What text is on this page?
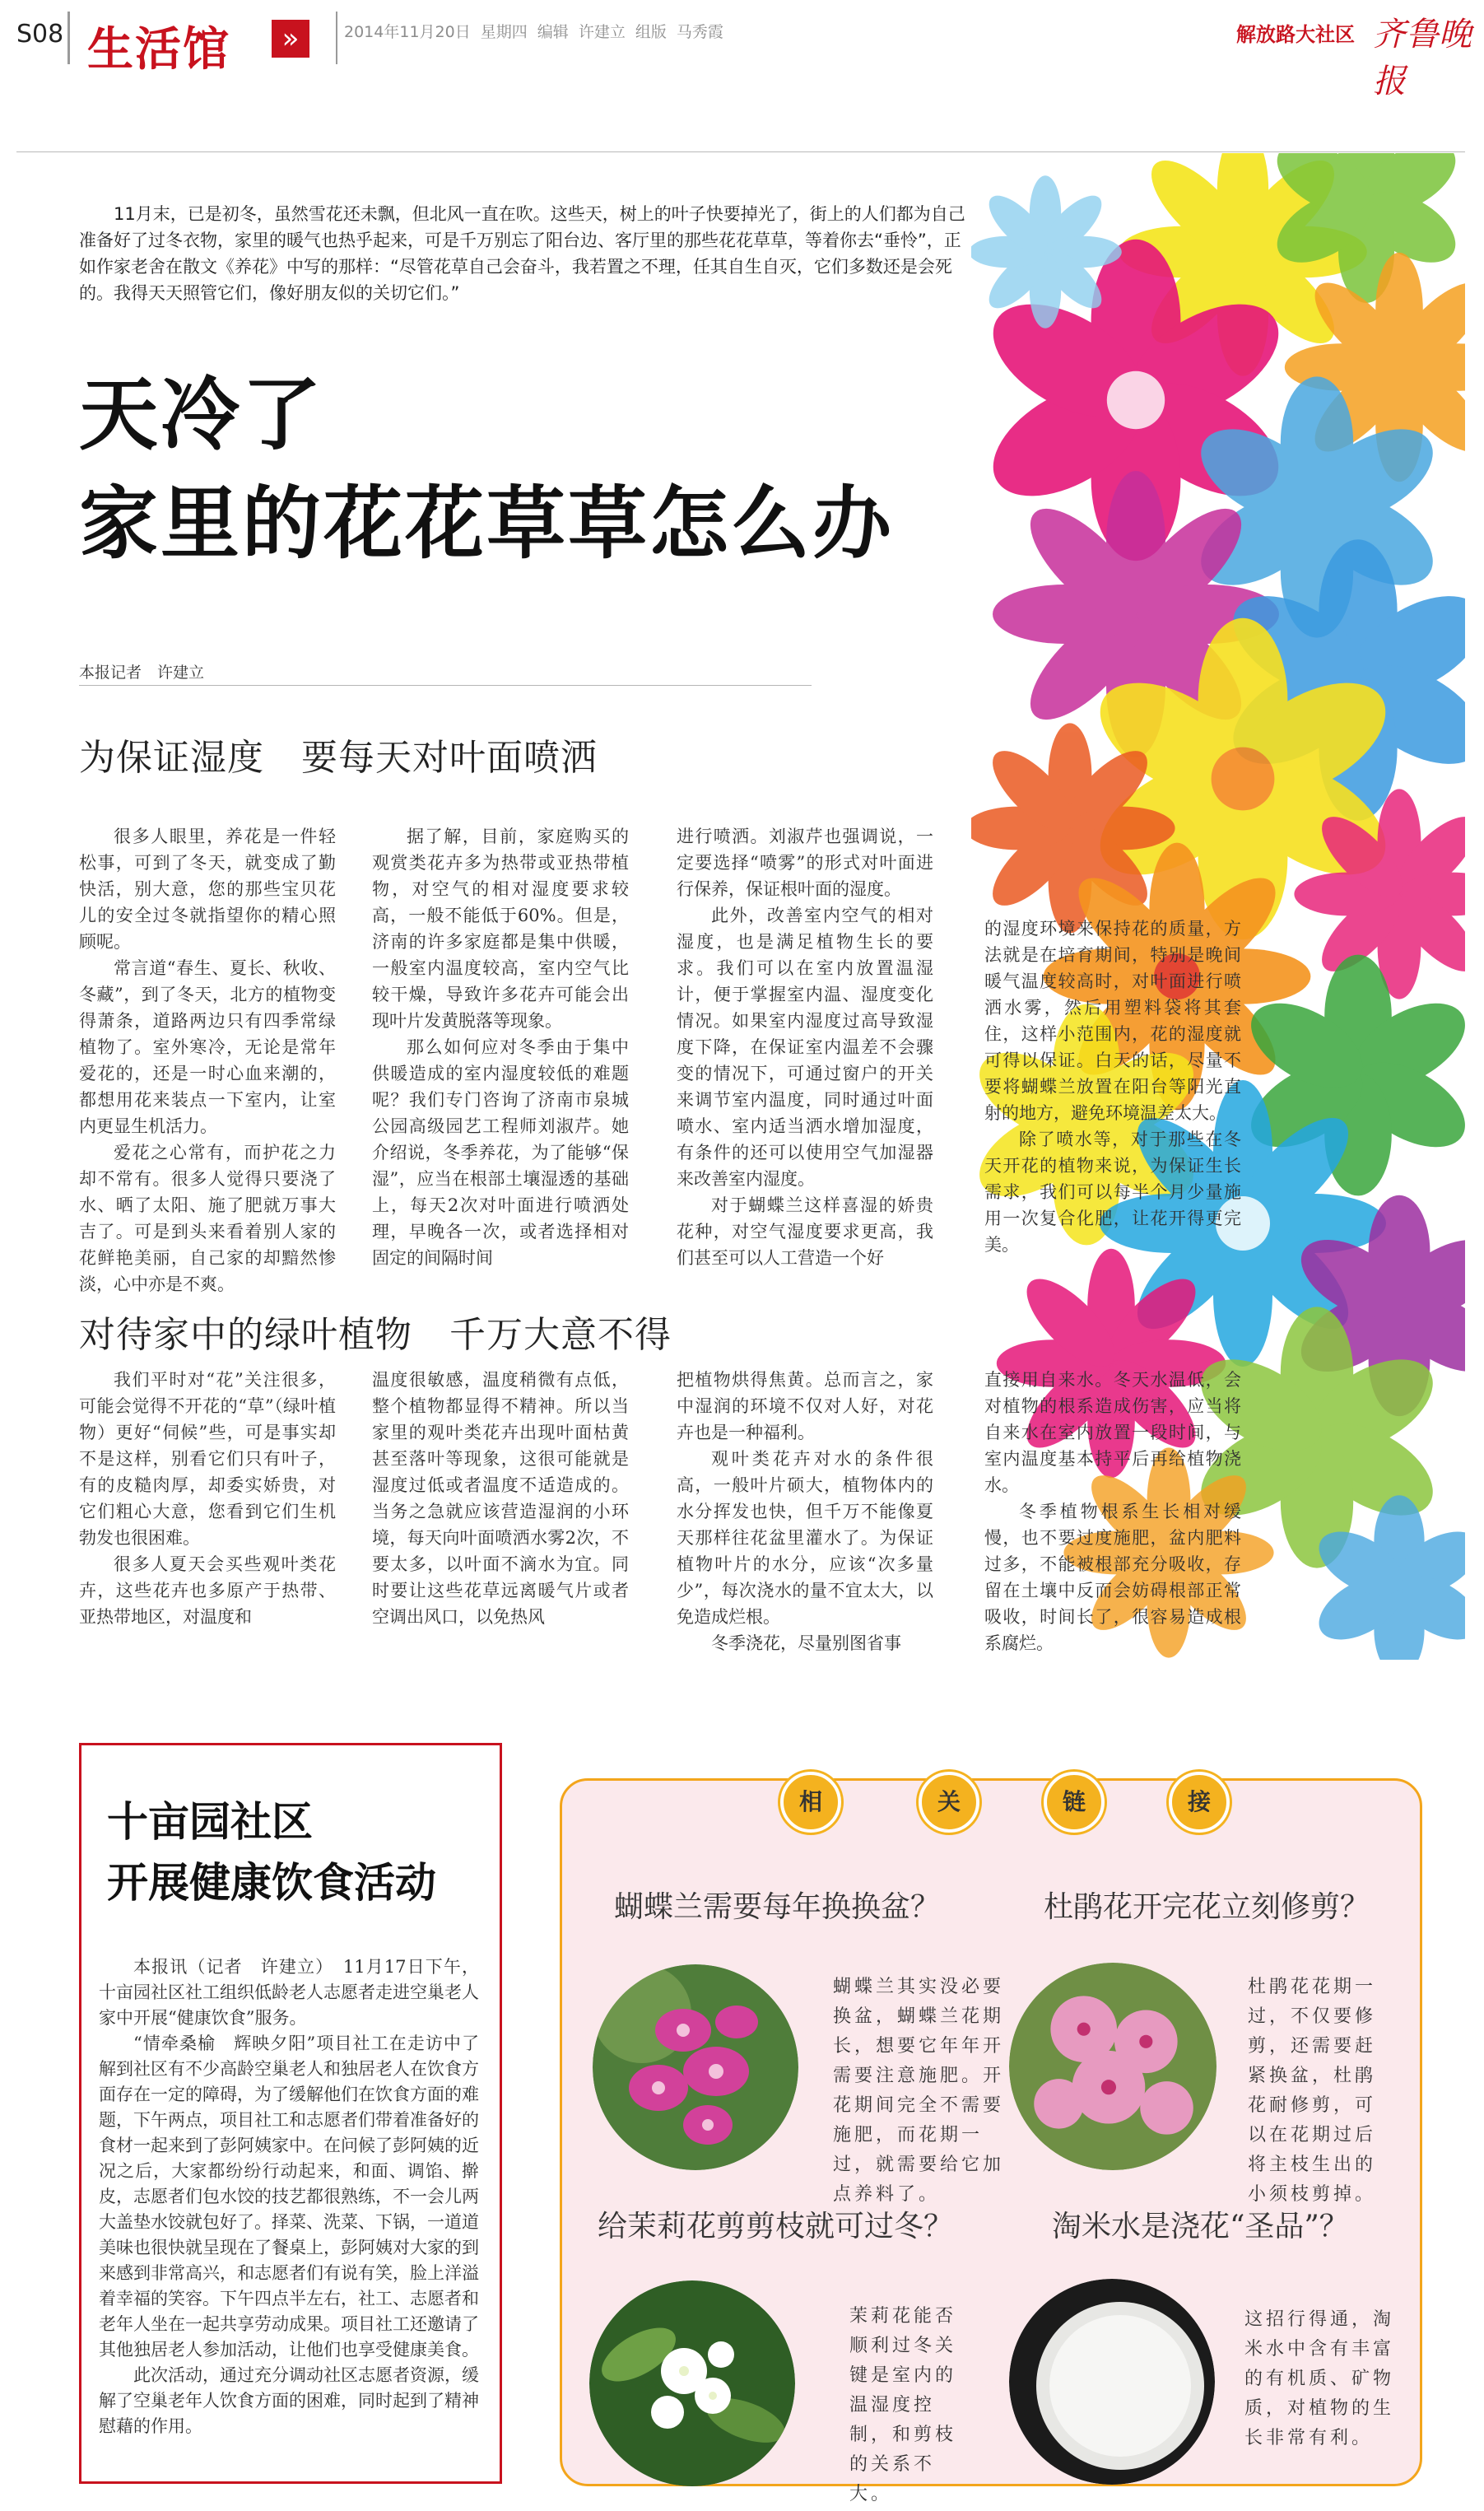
S08 生活馆	»	2014年11月20日 星期四 编辑 许建立 组版 马秀霞	解放路大社区 齐鲁晚报
11月末，已是初冬，虽然雪花还未飘，但北风一直在吹。这些天，树上的叶子快要掉光了，街上的人们都为自己准备好了过冬衣物，家里的暖气也热乎起来，可是千万别忘了阳台边、客厅里的那些花花草草，等着你去“垂怜”，正如作家老舍在散文《养花》中写的那样：“尽管花草自己会奋斗，我若置之不理，任其自生自灭，它们多数还是会死的。我得天天照管它们，像好朋友似的关切它们。”
天冷了
家里的花花草草怎么办
本报记者　许建立
为保证湿度　要每天对叶面喷洒

很多人眼里，养花是一件轻松事，可到了冬天，就变成了勤快活，别大意，您的那些宝贝花儿的安全过冬就指望你的精心照顾呢。

常言道“春生、夏长、秋收、冬藏”，到了冬天，北方的植物变得萧条，道路两边只有四季常绿植物了。室外寒冷，无论是常年爱花的，还是一时心血来潮的，都想用花来装点一下室内，让室内更显生机活力。

爱花之心常有，而护花之力却不常有。很多人觉得只要浇了水、晒了太阳、施了肥就万事大吉了。可是到头来看着别人家的花鲜艳美丽，自己家的却黯然惨淡，心中亦是不爽。

据了解，目前，家庭购买的观赏类花卉多为热带或亚热带植物，对空气的相对湿度要求较高，一般不能低于60%。但是，济南的许多家庭都是集中供暖，一般室内温度较高，室内空气比较干燥，导致许多花卉可能会出现叶片发黄脱落等现象。

那么如何应对冬季由于集中供暖造成的室内湿度较低的难题呢？我们专门咨询了济南市泉城公园高级园艺工程师刘淑芹。她介绍说，冬季养花，为了能够“保湿”，应当在根部土壤湿透的基础上，每天2次对叶面进行喷洒处理，早晚各一次，或者选择相对固定的间隔时间

进行喷洒。刘淑芹也强调说，一定要选择“喷雾”的形式对叶面进行保养，保证根叶面的湿度。

此外，改善室内空气的相对湿度，也是满足植物生长的要求。我们可以在室内放置温湿计，便于掌握室内温、湿度变化情况。如果室内湿度过高导致湿度下降，在保证室内温差不会骤变的情况下，可通过窗户的开关来调节室内温度，同时通过叶面喷水、室内适当洒水增加湿度，有条件的还可以使用空气加湿器来改善室内湿度。

对于蝴蝶兰这样喜湿的娇贵花种，对空气湿度要求更高，我们甚至可以人工营造一个好

的湿度环境来保持花的质量，方法就是在培育期间，特别是晚间暖气温度较高时，对叶面进行喷洒水雾，然后用塑料袋将其套住，这样小范围内，花的湿度就可得以保证。白天的话，尽量不要将蝴蝶兰放置在阳台等阳光直射的地方，避免环境温差太大。

除了喷水等，对于那些在冬天开花的植物来说，为保证生长需求，我们可以每半个月少量施用一次复合化肥，让花开得更完美。

对待家中的绿叶植物　千万大意不得

我们平时对“花”关注很多，可能会觉得不开花的“草”（绿叶植物）更好“伺候”些，可是事实却不是这样，别看它们只有叶子，有的皮糙肉厚，却委实娇贵，对它们粗心大意，您看到它们生机勃发也很困难。

很多人夏天会买些观叶类花卉，这些花卉也多原产于热带、亚热带地区，对温度和

温度很敏感，温度稍微有点低，整个植物都显得不精神。所以当家里的观叶类花卉出现叶面枯黄甚至落叶等现象，这很可能就是湿度过低或者温度不适造成的。当务之急就应该营造湿润的小环境，每天向叶面喷洒水雾2次，不要太多，以叶面不滴水为宜。同时要让这些花草远离暖气片或者空调出风口，以免热风

把植物烘得焦黄。总而言之，家中湿润的环境不仅对人好，对花卉也是一种福利。

观叶类花卉对水的条件很高，一般叶片硕大，植物体内的水分挥发也快，但千万不能像夏天那样往花盆里灌水了。为保证植物叶片的水分，应该“次多量少”，每次浇水的量不宜太大，以免造成烂根。

冬季浇花，尽量别图省事

直接用自来水。冬天水温低，会对植物的根系造成伤害，应当将自来水在室内放置一段时间，与室内温度基本持平后再给植物浇水。

冬季植物根系生长相对缓慢，也不要过度施肥，盆内肥料过多，不能被根部充分吸收，存留在土壤中反而会妨碍根部正常吸收，时间长了，很容易造成根系腐烂。

十亩园社区
开展健康饮食活动

本报讯（记者　许建立）　11月17日下午，十亩园社区社工组织低龄老人志愿者走进空巢老人家中开展“健康饮食”服务。

“情牵桑榆　辉映夕阳”项目社工在走访中了解到社区有不少高龄空巢老人和独居老人在饮食方面存在一定的障碍，为了缓解他们在饮食方面的难题，下午两点，项目社工和志愿者们带着准备好的食材一起来到了彭阿姨家中。在问候了彭阿姨的近况之后，大家都纷纷行动起来，和面、调馅、擀皮，志愿者们包水饺的技艺都很熟练，不一会儿两大盖垫水饺就包好了。择菜、洗菜、下锅，一道道美味也很快就呈现在了餐桌上，彭阿姨对大家的到来感到非常高兴，和志愿者们有说有笑，脸上洋溢着幸福的笑容。下午四点半左右，社工、志愿者和老年人坐在一起共享劳动成果。项目社工还邀请了其他独居老人参加活动，让他们也享受健康美食。

此次活动，通过充分调动社区志愿者资源，缓解了空巢老年人饮食方面的困难，同时起到了精神慰藉的作用。

相	关	链	接
蝴蝶兰需要每年换换盆？	杜鹃花开完花立刻修剪？
给茉莉花剪剪枝就可过冬？	淘米水是浇花“圣品”？
蝴蝶兰其实没必要换盆，蝴蝶兰花期长，想要它年年开需要注意施肥。开花期间完全不需要施肥，而花期一过，就需要给它加点养料了。
杜鹃花花期一过，不仅要修剪，还需要赶紧换盆，杜鹃花耐修剪，可以在花期过后将主枝生出的小须枝剪掉。
茉莉花能否顺利过冬关键是室内的温湿度控制，和剪枝的关系不大。
这招行得通，淘米水中含有丰富的有机质、矿物质，对植物的生长非常有利。
